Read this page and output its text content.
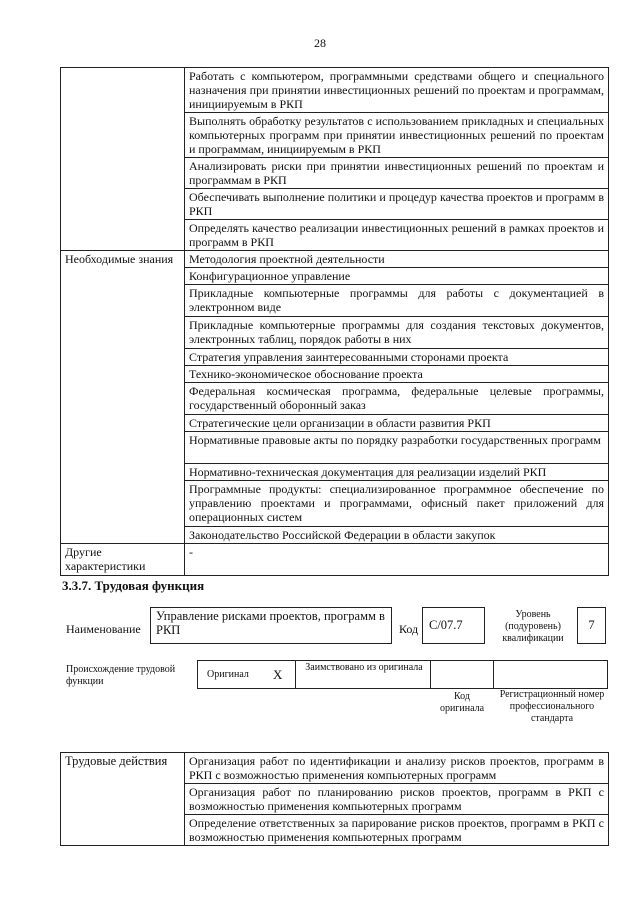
28
	Работать с компьютером, программными средствами общего и специального назначения при принятии инвестиционных решений по проектам и программам, инициируемым в РКП
	Выполнять обработку результатов с использованием прикладных и специальных компьютерных программ при принятии инвестиционных решений по проектам и программам, инициируемым в РКП
	Анализировать риски при принятии инвестиционных решений по проектам и программам в РКП
	Обеспечивать выполнение политики и процедур качества проектов и программ в РКП
	Определять качество реализации инвестиционных решений в рамках проектов и программ в РКП
Необходимые знания	Методология проектной деятельности
	Конфигурационное управление
	Прикладные компьютерные программы для работы с документацией в электронном виде
	Прикладные компьютерные программы для создания текстовых документов, электронных таблиц, порядок работы в них
	Стратегия управления заинтересованными сторонами проекта
	Технико-экономическое обоснование проекта
	Федеральная космическая программа, федеральные целевые программы, государственный оборонный заказ
	Стратегические цели организации в области развития РКП
	Нормативные правовые акты по порядку разработки государственных программ
	Нормативно-техническая документация для реализации изделий РКП
	Программные продукты: специализированное программное обеспечение по управлению проектами и программами, офисный пакет приложений для операционных систем
	Законодательство Российской Федерации в области закупок
Другие характеристики	-
3.3.7. Трудовая функция
Наименование
Управление рисками проектов, программ в РКП	Код C/07.7
Уровень (подуровень) квалификации
7
Происхождение трудовой функции
Оригинал X	Заимствовано из оригинала
Код оригинала
Регистрационный номер профессионального стандарта
Трудовые действия	Организация работ по идентификации и анализу рисков проектов, программ в РКП с возможностью применения компьютерных программ
Организация работ по планированию рисков проектов, программ в РКП с возможностью применения компьютерных программ
Определение ответственных за парирование рисков проектов, программ в РКП с возможностью применения компьютерных программ
